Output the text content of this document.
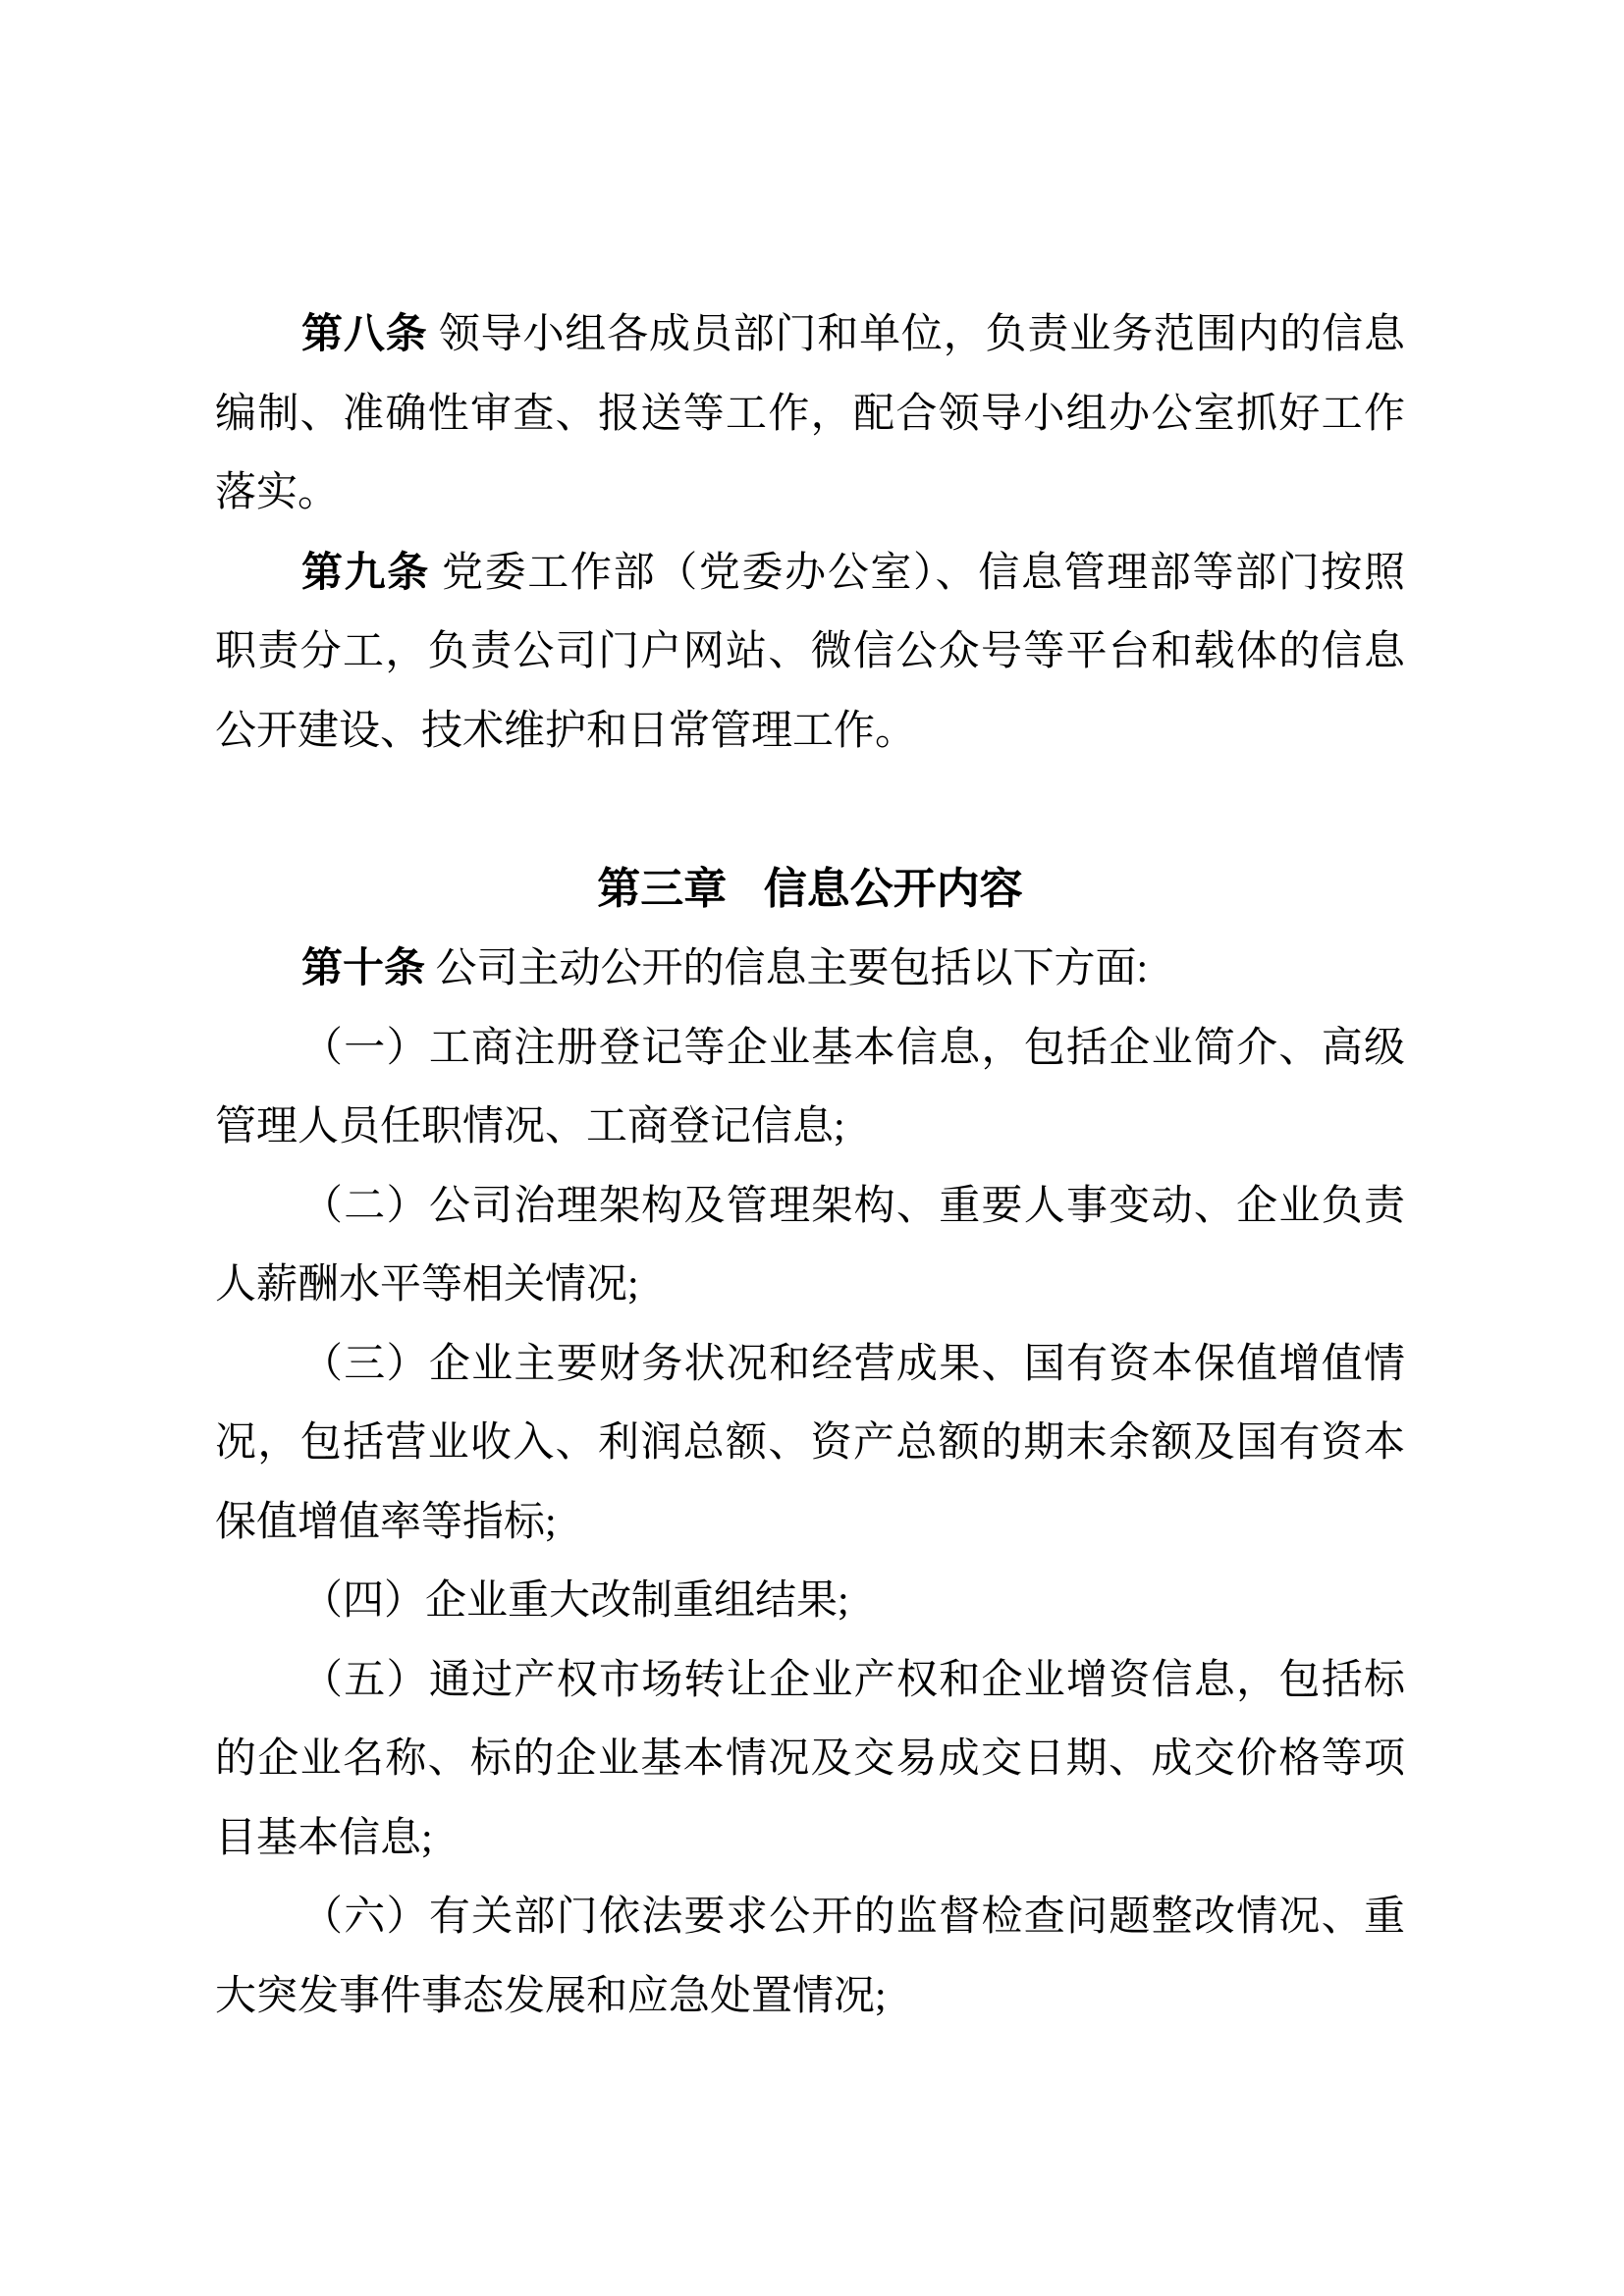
第八条 领导小组各成员部门和单位，负责业务范围内的信息
编制、准确性审查、报送等工作，配合领导小组办公室抓好工作
落实。
第九条 党委工作部（党委办公室）、信息管理部等部门按照
职责分工，负责公司门户网站、微信公众号等平台和载体的信息
公开建设、技术维护和日常管理工作。
第三章 信息公开内容
第十条 公司主动公开的信息主要包括以下方面:
（一）工商注册登记等企业基本信息，包括企业简介、高级
管理人员任职情况、工商登记信息;
（二）公司治理架构及管理架构、重要人事变动、企业负责
人薪酬水平等相关情况;
（三）企业主要财务状况和经营成果、国有资本保值增值情
况，包括营业收入、利润总额、资产总额的期末余额及国有资本
保值增值率等指标;
（四）企业重大改制重组结果;
（五）通过产权市场转让企业产权和企业增资信息，包括标
的企业名称、标的企业基本情况及交易成交日期、成交价格等项
目基本信息;
（六）有关部门依法要求公开的监督检查问题整改情况、重
大突发事件事态发展和应急处置情况;
